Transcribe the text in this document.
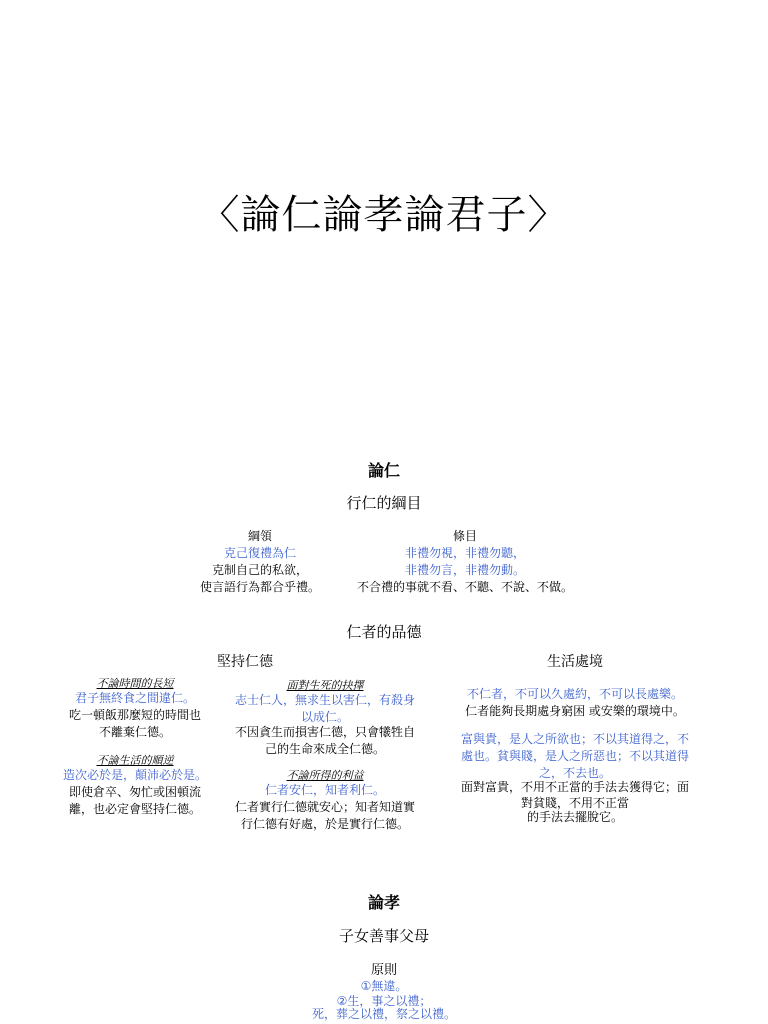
〈論仁論孝論君子〉
論仁
行仁的綱目
綱領
克己復禮為仁
克制自己的私欲，
使言語行為都合乎禮。
條目
非禮勿視，非禮勿聽，
非禮勿言，非禮勿動。
不合禮的事就不看、不聽、不說、不做。
仁者的品德
堅持仁德	生活處境
不論時間的長短
君子無終食之間違仁。
吃一頓飯那麼短的時間也
不離棄仁德。
不論生活的順逆
造次必於是，顛沛必於是。
即使倉卒、匆忙或困頓流
離，也必定會堅持仁德。
面對生死的抉擇
志士仁人，無求生以害仁，有殺身
以成仁。
不因貪生而損害仁德，只會犧牲自
己的生命來成全仁德。
不論所得的利益
仁者安仁，知者利仁。
仁者實行仁德就安心；知者知道實
行仁德有好處，於是實行仁德。
不仁者，不可以久處約，不可以長處樂。
仁者能夠長期處身窮困 或安樂的環境中。
富與貴，是人之所欲也；不以其道得之，不
處也。貧與賤，是人之所惡也；不以其道得
之，不去也。
面對富貴，不用不正當的手法去獲得它；面
對貧賤，不用不正當
的手法去擺脫它。
論孝
子女善事父母
原則
①無違。
②生，事之以禮；
死，葬之以禮，祭之以禮。
